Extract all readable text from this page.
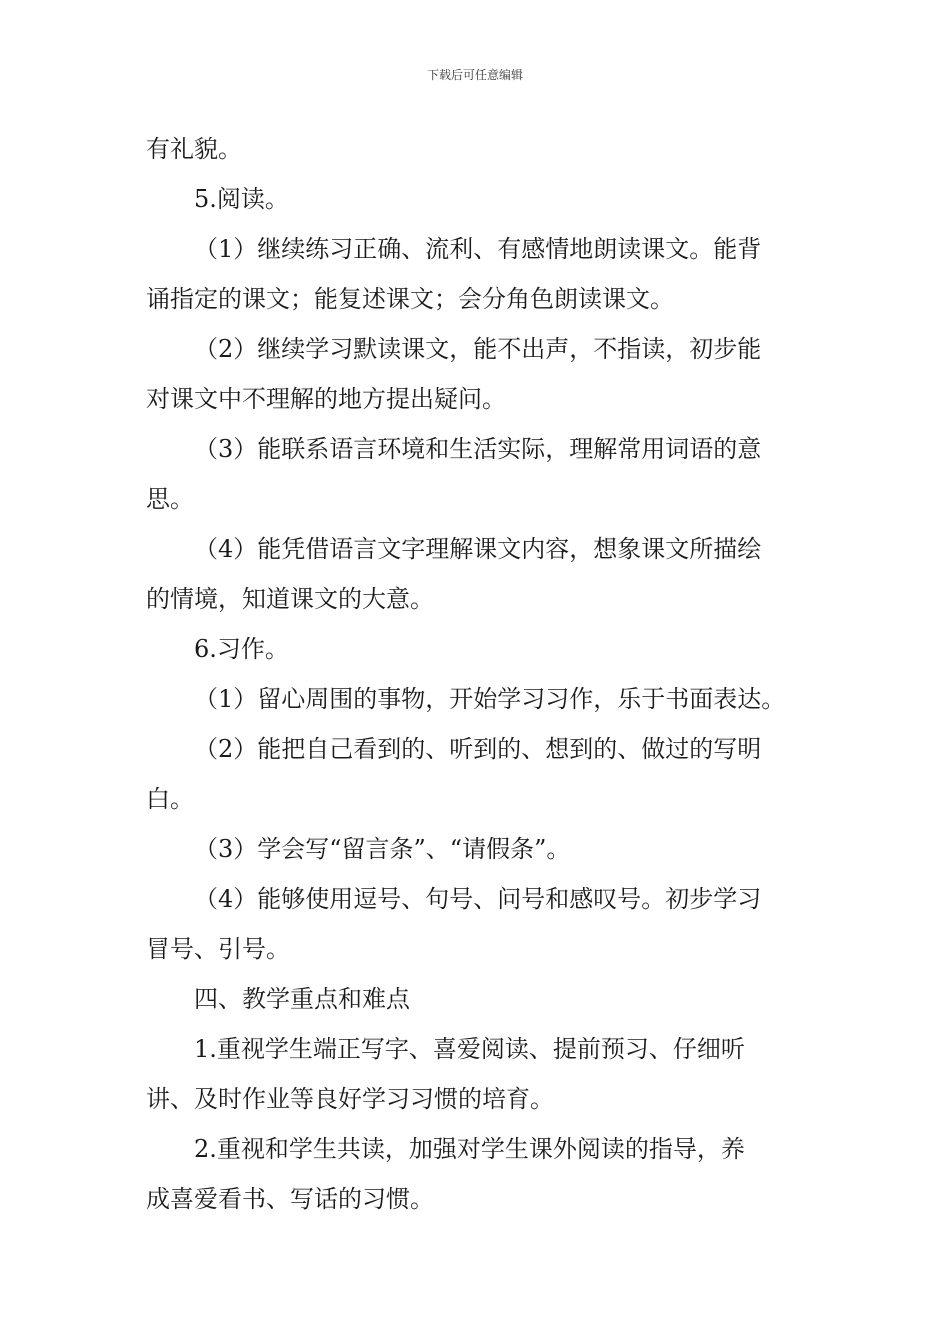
下载后可任意编辑
有礼貌。
5.阅读。
（1）继续练习正确、流利、有感情地朗读课文。能背
诵指定的课文；能复述课文；会分角色朗读课文。
（2）继续学习默读课文，能不出声，不指读，初步能
对课文中不理解的地方提出疑问。
（3）能联系语言环境和生活实际，理解常用词语的意
思。
（4）能凭借语言文字理解课文内容，想象课文所描绘
的情境，知道课文的大意。
6.习作。
（1）留心周围的事物，开始学习习作，乐于书面表达。
（2）能把自己看到的、听到的、想到的、做过的写明
白。
（3）学会写“留言条”、“请假条”。
（4）能够使用逗号、句号、问号和感叹号。初步学习
冒号、引号。
四、教学重点和难点
1.重视学生端正写字、喜爱阅读、提前预习、仔细听
讲、及时作业等良好学习习惯的培育。
2.重视和学生共读，加强对学生课外阅读的指导，养
成喜爱看书、写话的习惯。
